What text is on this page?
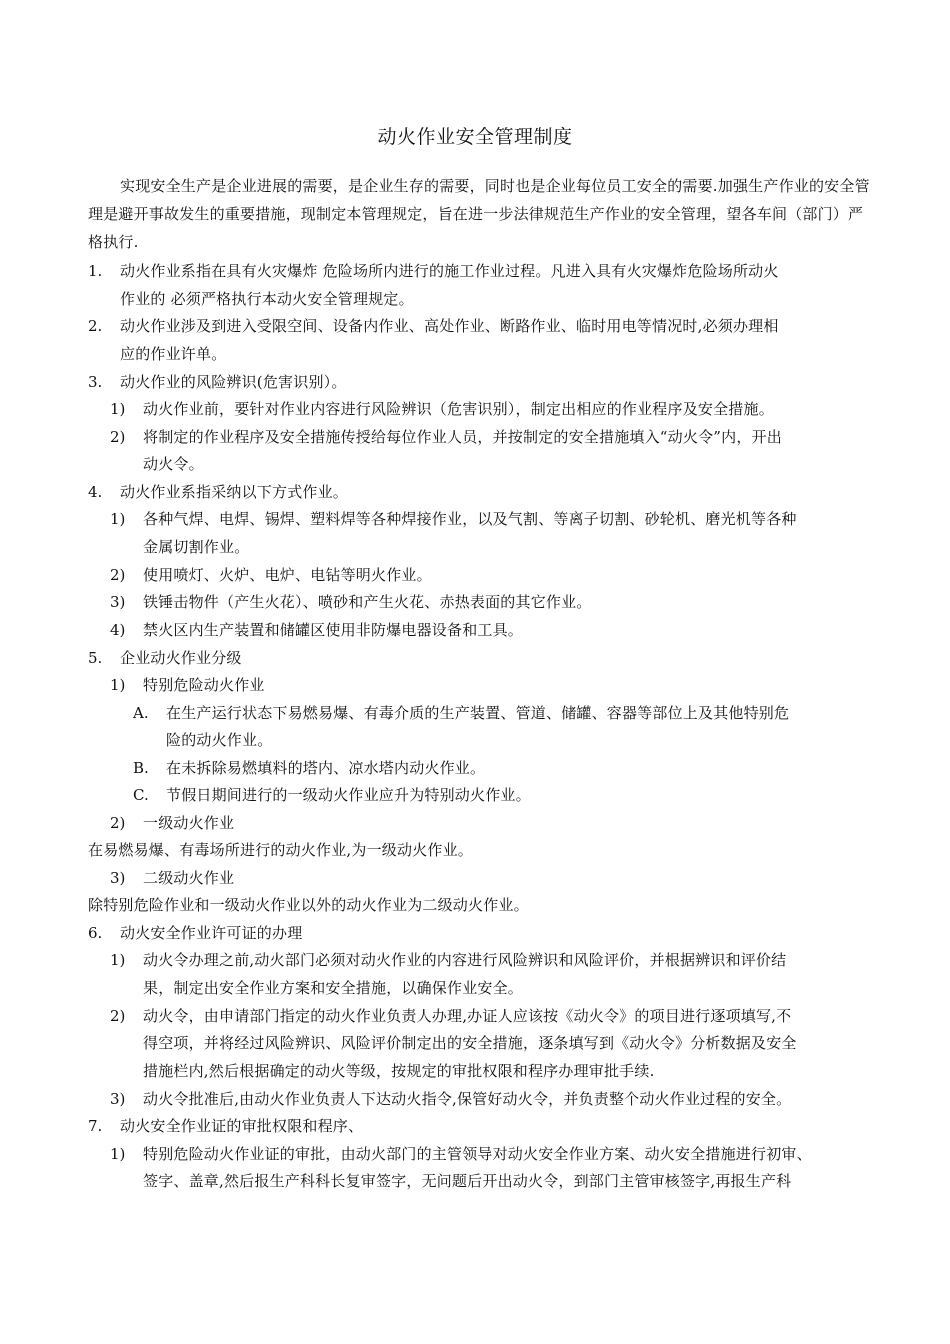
动火作业安全管理制度
实现安全生产是企业进展的需要，是企业生存的需要，同时也是企业每位员工安全的需要.加强生产作业的安全管理是避开事故发生的重要措施，现制定本管理规定，旨在进一步法律规范生产作业的安全管理，望各车间（部门）严格执行.
1. 动火作业系指在具有火灾爆炸 危险场所内进行的施工作业过程。凡进入具有火灾爆炸危险场所动火
作业的 必须严格执行本动火安全管理规定。
2. 动火作业涉及到进入受限空间、设备内作业、高处作业、断路作业、临时用电等情况时,必须办理相
应的作业许单。
3. 动火作业的风险辨识(危害识别）。
1) 动火作业前，要针对作业内容进行风险辨识（危害识别），制定出相应的作业程序及安全措施。
2) 将制定的作业程序及安全措施传授给每位作业人员，并按制定的安全措施填入“动火令”内，开出
动火令。
4. 动火作业系指采纳以下方式作业。
1) 各种气焊、电焊、锡焊、塑料焊等各种焊接作业，以及气割、等离子切割、砂轮机、磨光机等各种
金属切割作业。
2) 使用喷灯、火炉、电炉、电钻等明火作业。
3) 铁锤击物件（产生火花）、喷砂和产生火花、赤热表面的其它作业。
4) 禁火区内生产装置和储罐区使用非防爆电器设备和工具。
5. 企业动火作业分级
1) 特别危险动火作业
A. 在生产运行状态下易燃易爆、有毒介质的生产装置、管道、储罐、容器等部位上及其他特别危
险的动火作业。
B. 在未拆除易燃填料的塔内、凉水塔内动火作业。
C. 节假日期间进行的一级动火作业应升为特别动火作业。
2) 一级动火作业
在易燃易爆、有毒场所进行的动火作业,为一级动火作业。
3) 二级动火作业
除特别危险作业和一级动火作业以外的动火作业为二级动火作业。
6. 动火安全作业许可证的办理
1) 动火令办理之前,动火部门必须对动火作业的内容进行风险辨识和风险评价，并根据辨识和评价结
果，制定出安全作业方案和安全措施，以确保作业安全。
2) 动火令，由申请部门指定的动火作业负责人办理,办证人应该按《动火令》的项目进行逐项填写,不
得空项，并将经过风险辨识、风险评价制定出的安全措施，逐条填写到《动火令》分析数据及安全
措施栏内,然后根据确定的动火等级，按规定的审批权限和程序办理审批手续.
3) 动火令批准后,由动火作业负责人下达动火指令,保管好动火令，并负责整个动火作业过程的安全。
7. 动火安全作业证的审批权限和程序、
1) 特别危险动火作业证的审批，由动火部门的主管领导对动火安全作业方案、动火安全措施进行初审、
签字、盖章,然后报生产科科长复审签字，无问题后开出动火令，到部门主管审核签字,再报生产科
